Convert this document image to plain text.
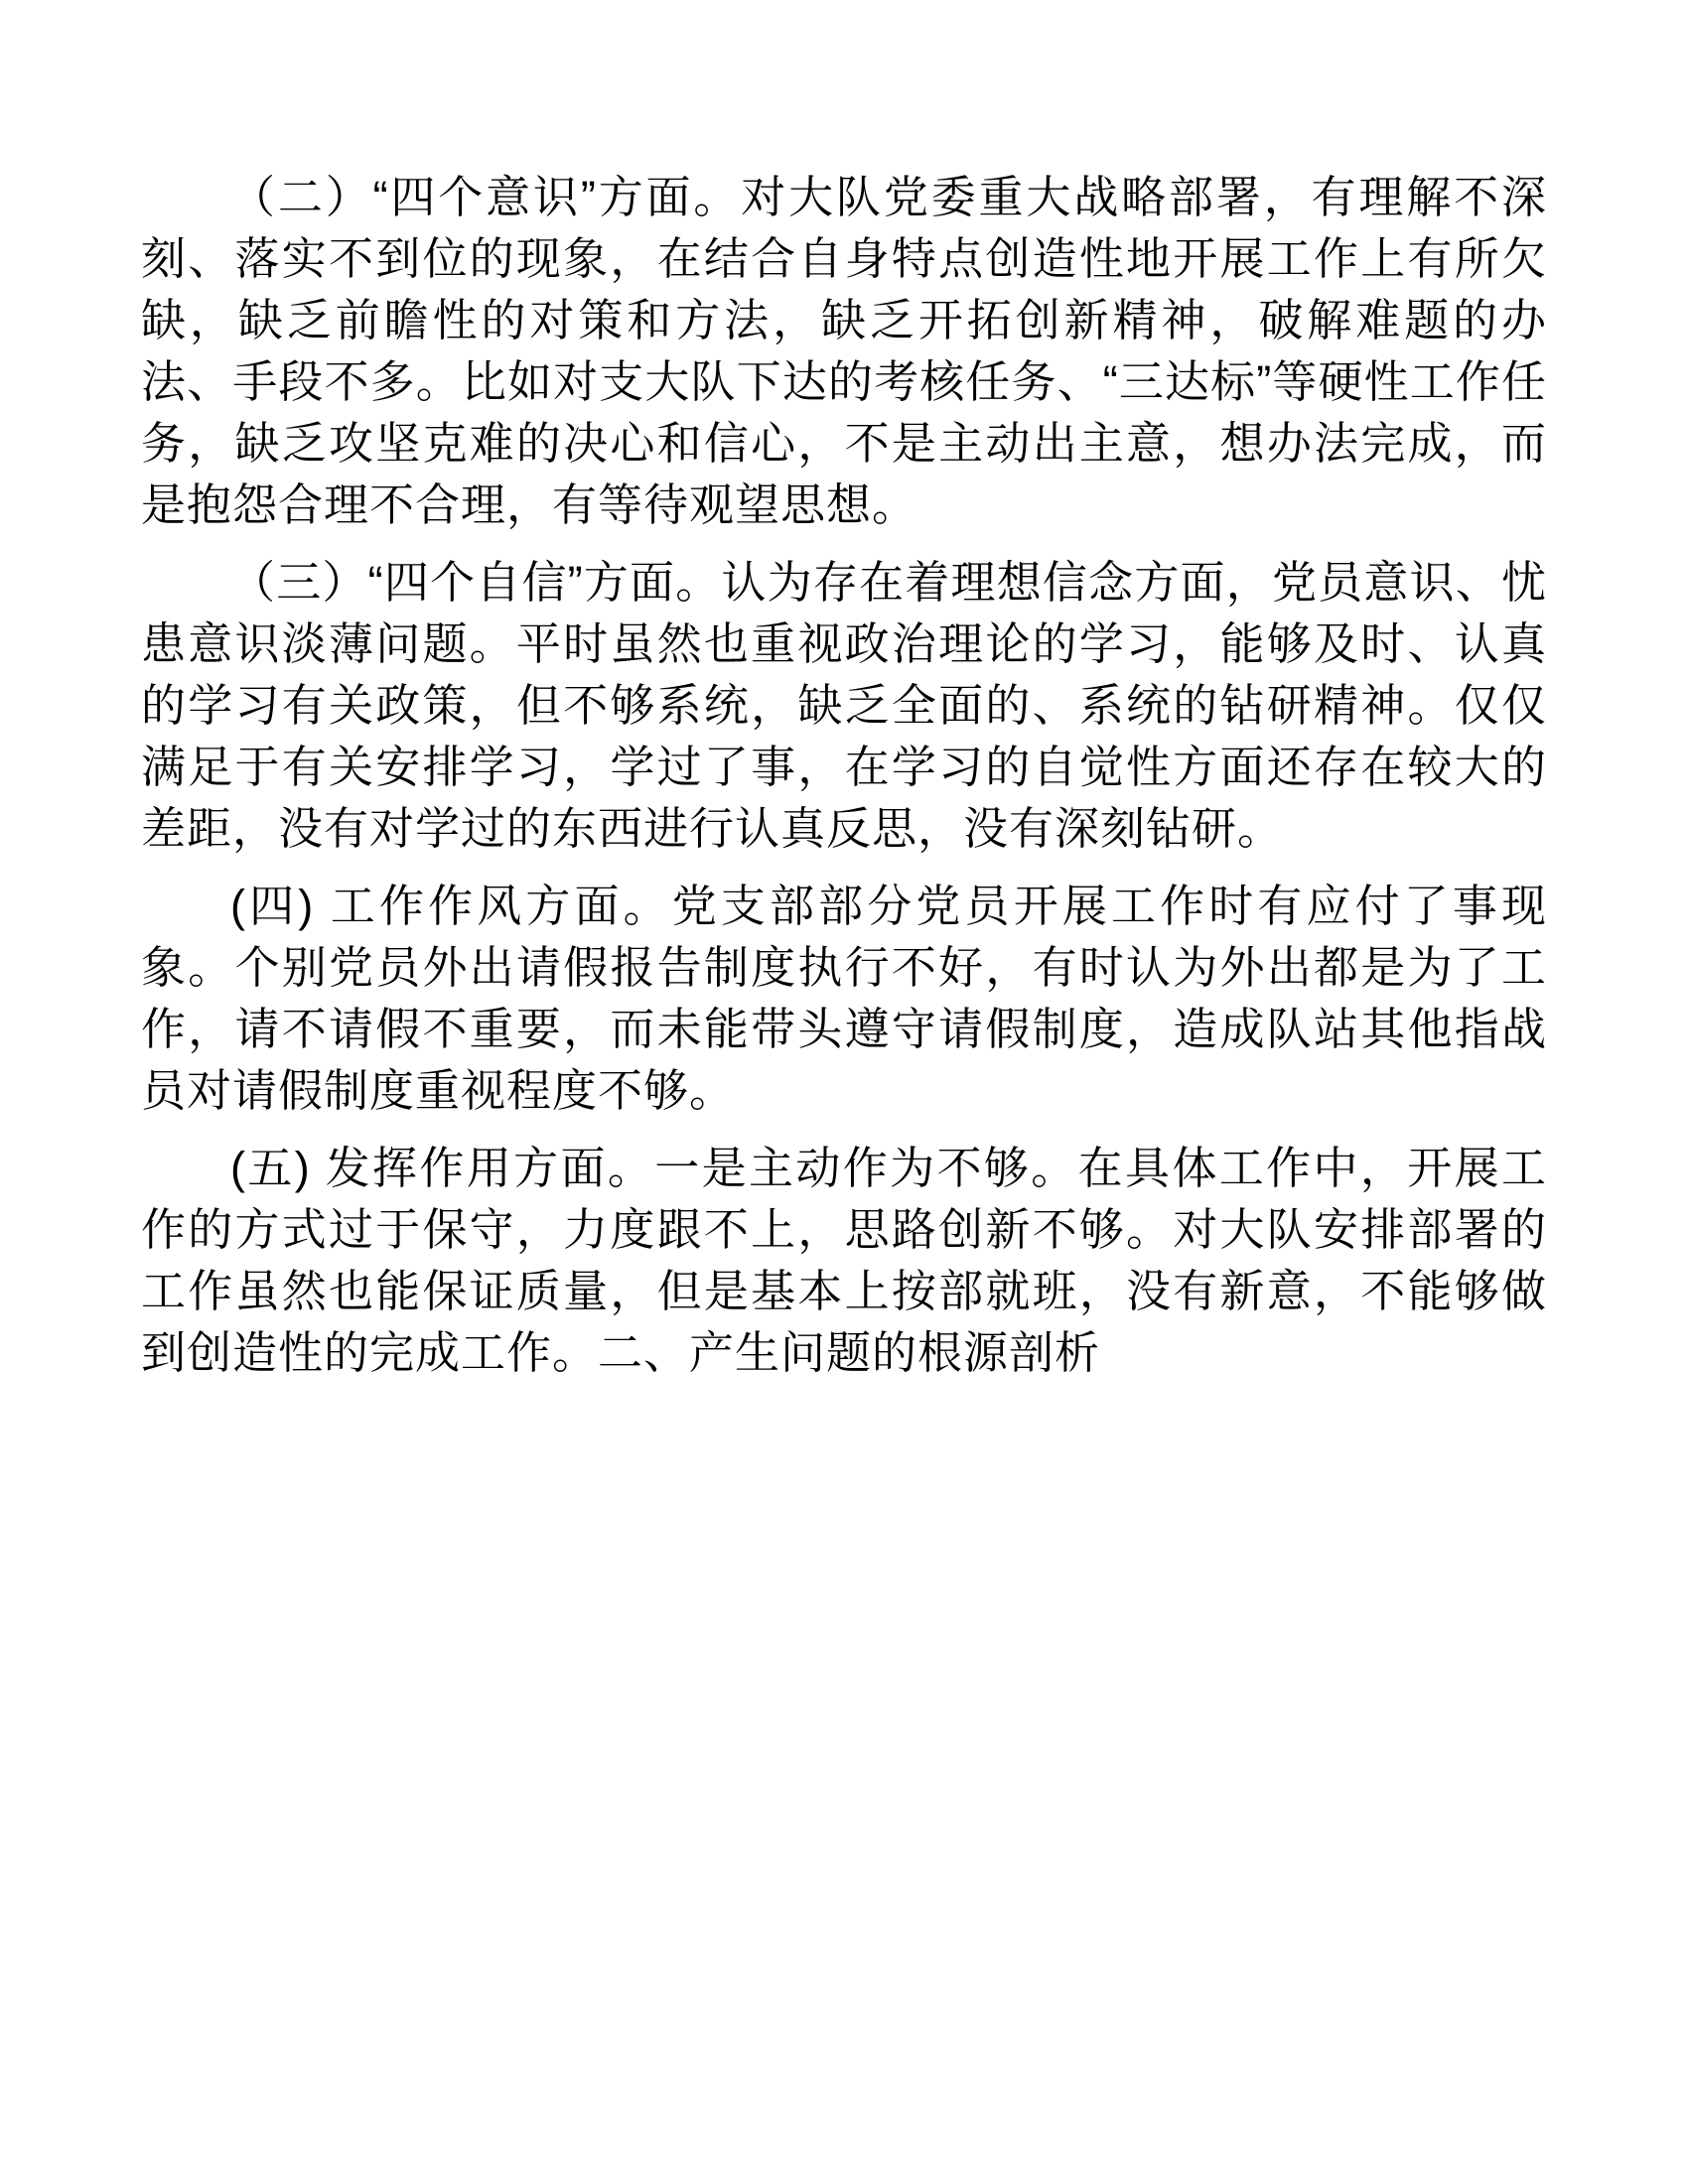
（二）“四个意识”方面。对大队党委重大战略部署，有理解不深刻、落实不到位的现象，在结合自身特点创造性地开展工作上有所欠缺，缺乏前瞻性的对策和方法，缺乏开拓创新精神，破解难题的办法、手段不多。比如对支大队下达的考核任务、“三达标”等硬性工作任务，缺乏攻坚克难的决心和信心，不是主动出主意，想办法完成，而是抱怨合理不合理，有等待观望思想。

（三）“四个自信”方面。认为存在着理想信念方面，党员意识、忧患意识淡薄问题。平时虽然也重视政治理论的学习，能够及时、认真的学习有关政策，但不够系统，缺乏全面的、系统的钻研精神。仅仅满足于有关安排学习，学过了事，在学习的自觉性方面还存在较大的差距，没有对学过的东西进行认真反思，没有深刻钻研。

(四) 工作作风方面。党支部部分党员开展工作时有应付了事现象。个别党员外出请假报告制度执行不好，有时认为外出都是为了工作，请不请假不重要，而未能带头遵守请假制度，造成队站其他指战员对请假制度重视程度不够。

(五) 发挥作用方面。一是主动作为不够。在具体工作中，开展工作的方式过于保守，力度跟不上，思路创新不够。对大队安排部署的工作虽然也能保证质量，但是基本上按部就班，没有新意，不能够做到创造性的完成工作。二、产生问题的根源剖析
